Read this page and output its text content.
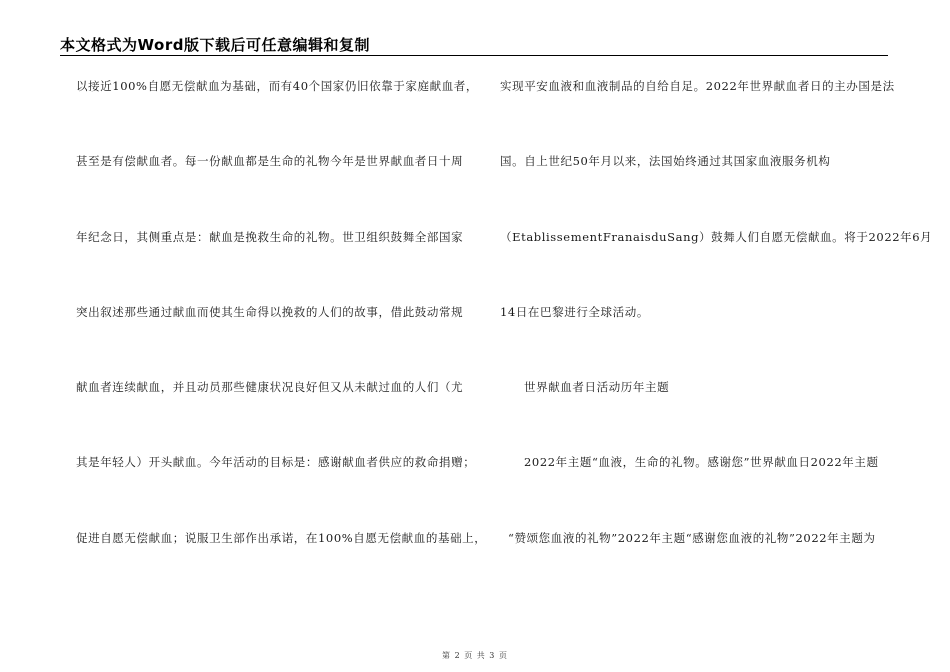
本文格式为Word版下载后可任意编辑和复制
以接近100%自愿无偿献血为基础，而有40个国家仍旧依靠于家庭献血者，
甚至是有偿献血者。每一份献血都是生命的礼物今年是世界献血者日十周
年纪念日，其侧重点是：献血是挽救生命的礼物。世卫组织鼓舞全部国家
突出叙述那些通过献血而使其生命得以挽救的人们的故事，借此鼓动常规
献血者连续献血，并且动员那些健康状况良好但又从未献过血的人们（尤
其是年轻人）开头献血。今年活动的目标是：感谢献血者供应的救命捐赠；
促进自愿无偿献血；说服卫生部作出承诺，在100%自愿无偿献血的基础上，
实现平安血液和血液制品的自给自足。2022年世界献血者日的主办国是法
国。自上世纪50年月以来，法国始终通过其国家血液服务机构
（EtablissementFranaisduSang）鼓舞人们自愿无偿献血。将于2022年6月
14日在巴黎进行全球活动。
世界献血者日活动历年主题
2022年主题“血液，生命的礼物。感谢您”世界献血日2022年主题
“赞颂您血液的礼物”2022年主题“感谢您血液的礼物”2022年主题为
第 2 页 共 3 页
